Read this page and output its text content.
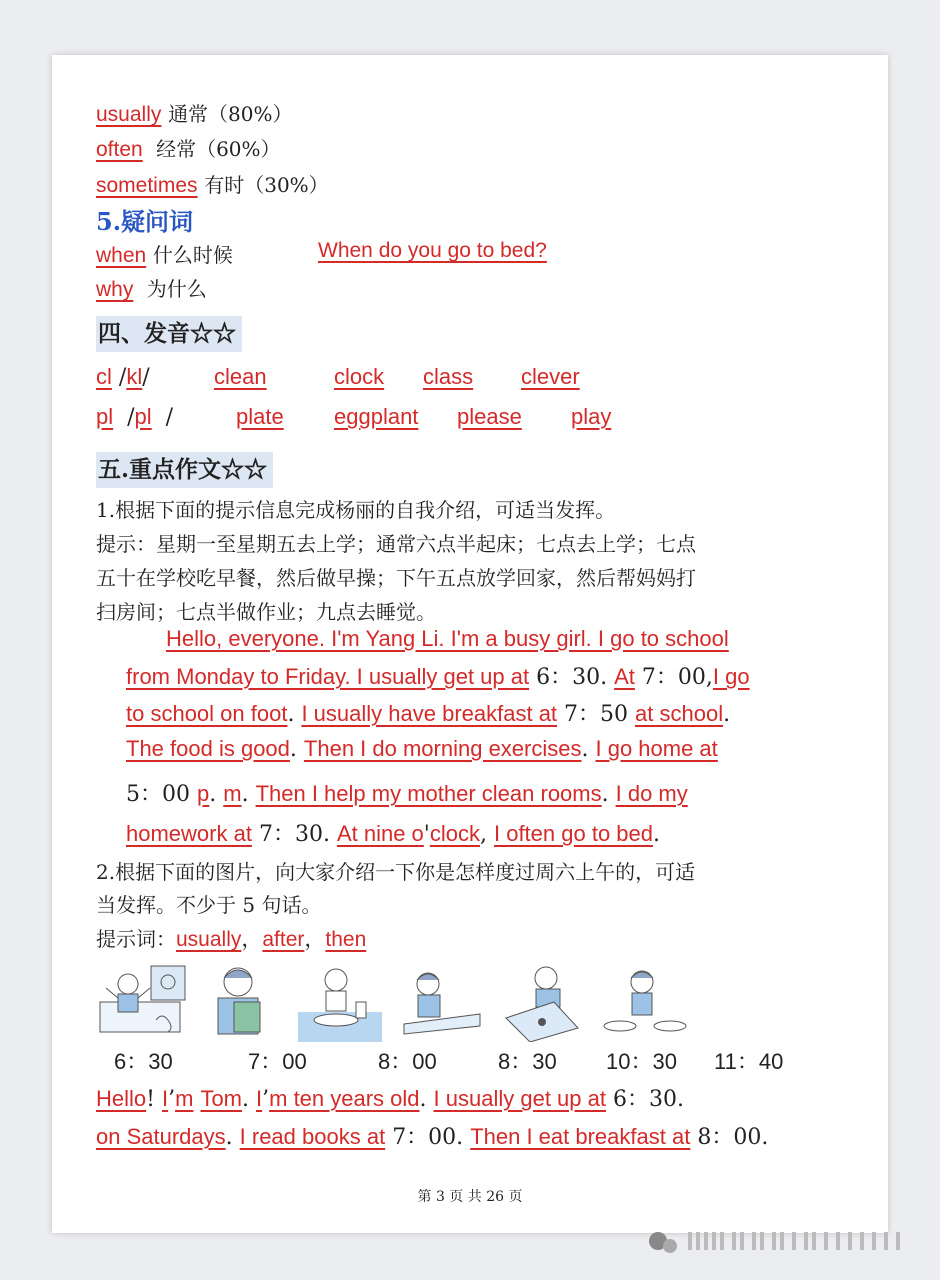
usually 通常（80%）
often 经常（60%）
sometimes 有时（30%）
5.疑问词
when 什么时候	When do you go to bed?
why 为什么
四、发音☆☆
cl /kl/	clean	clock class clever
pl /pl /	plate eggplant please play
五.重点作文☆☆
1.根据下面的提示信息完成杨丽的自我介绍，可适当发挥。
提示：星期一至星期五去上学；通常六点半起床；七点去上学；七点
五十在学校吃早餐，然后做早操；下午五点放学回家，然后帮妈妈打
扫房间；七点半做作业；九点去睡觉。
Hello, everyone. I'm Yang Li. I'm a busy girl. I go to school
from Monday to Friday. I usually get up at 6：30. At 7：00,I go
to school on foot. I usually have breakfast at 7：50 at school.
The food is good. Then I do morning exercises. I go home at
5：00 p. m. Then I help my mother clean rooms. I do my
homework at 7：30. At nine o'clock, I often go to bed.
2.根据下面的图片，向大家介绍一下你是怎样度过周六上午的，可适
当发挥。不少于 5 句话。
提示词：usually，after，then
6：30	7：00	8：00	8：30 10：30 11：40
Hello! I’m Tom. I’m ten years old. I usually get up at 6：30.
on Saturdays. I read books at 7：00. Then I eat breakfast at 8：00.
第 3 页 共 26 页
